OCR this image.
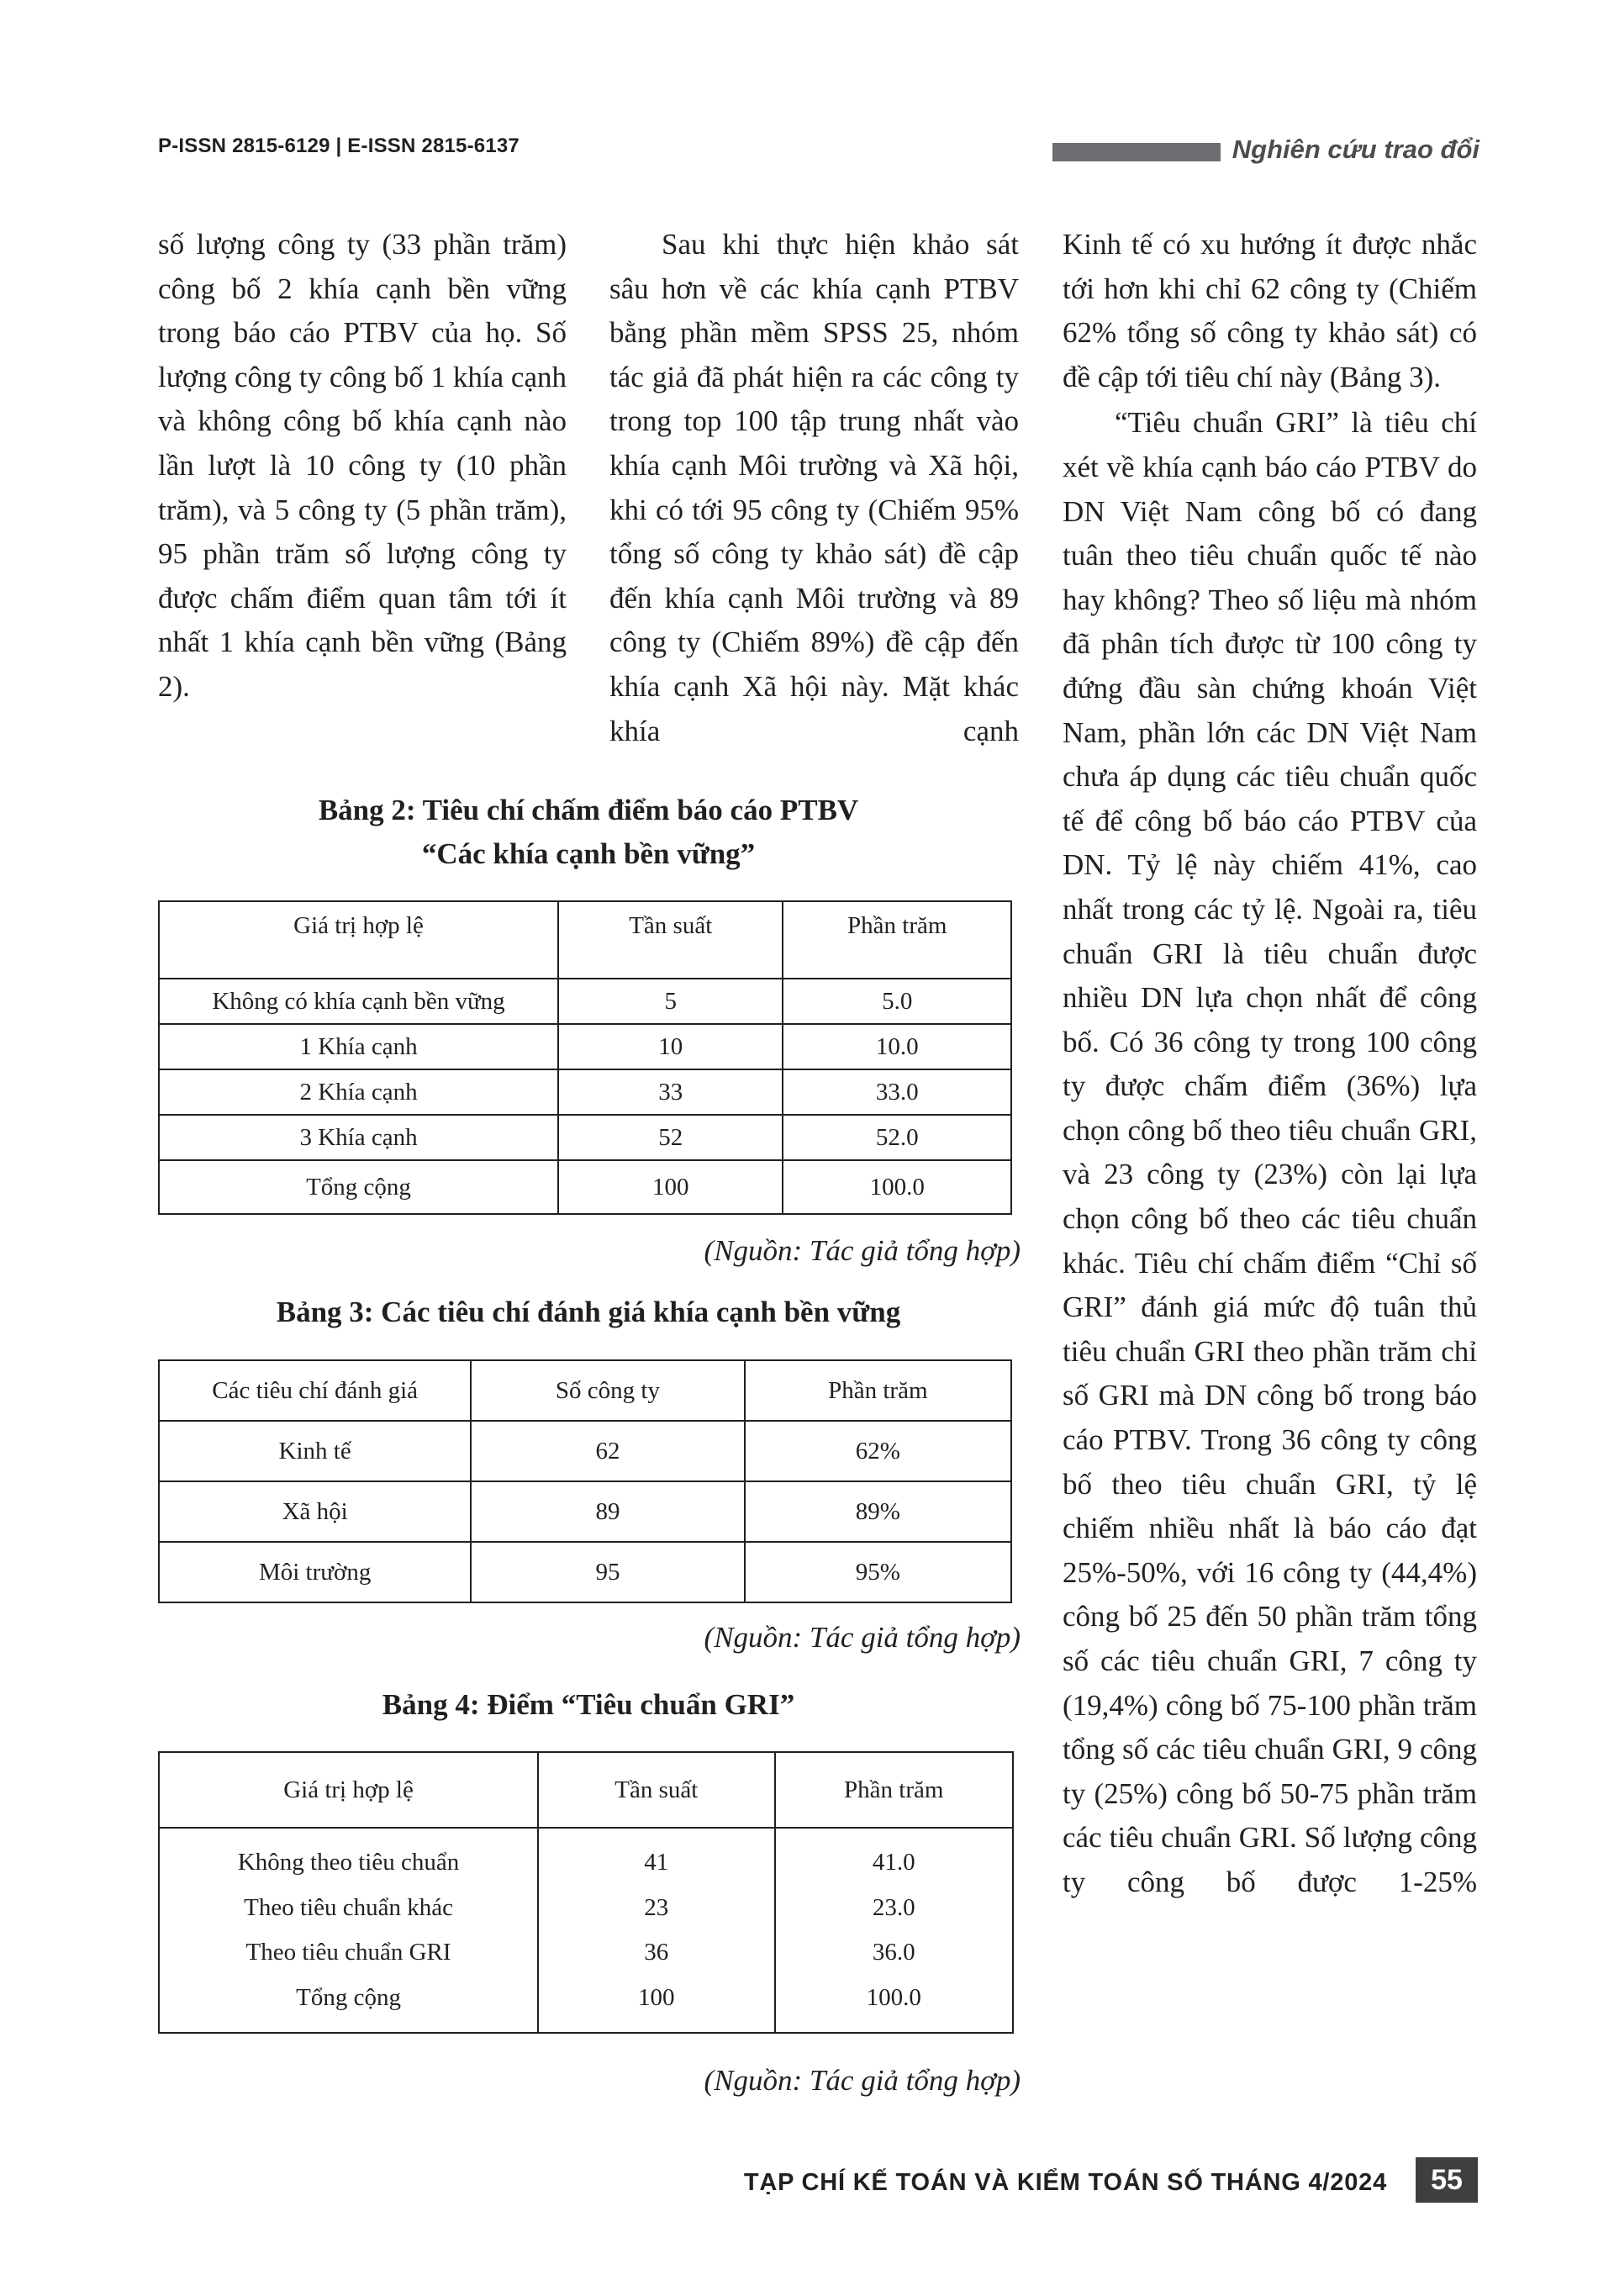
P-ISSN 2815-6129 | E-ISSN 2815-6137	Nghiên cứu trao đổi

số lượng công ty (33 phần trăm) công bố 2 khía cạnh bền vững trong báo cáo PTBV của họ. Số lượng công ty công bố 1 khía cạnh và không công bố khía cạnh nào lần lượt là 10 công ty (10 phần trăm), và 5 công ty (5 phần trăm), 95 phần trăm số lượng công ty được chấm điểm quan tâm tới ít nhất 1 khía cạnh bền vững (Bảng 2).

Sau khi thực hiện khảo sát sâu hơn về các khía cạnh PTBV bằng phần mềm SPSS 25, nhóm tác giả đã phát hiện ra các công ty trong top 100 tập trung nhất vào khía cạnh Môi trường và Xã hội, khi có tới 95 công ty (Chiếm 95% tổng số công ty khảo sát) đề cập đến khía cạnh Môi trường và 89 công ty (Chiếm 89%) đề cập đến khía cạnh Xã hội này. Mặt khác khía cạnh

Kinh tế có xu hướng ít được nhắc tới hơn khi chỉ 62 công ty (Chiếm 62% tổng số công ty khảo sát) có đề cập tới tiêu chí này (Bảng 3).

“Tiêu chuẩn GRI” là tiêu chí xét về khía cạnh báo cáo PTBV do DN Việt Nam công bố có đang tuân theo tiêu chuẩn quốc tế nào hay không? Theo số liệu mà nhóm đã phân tích được từ 100 công ty đứng đầu sàn chứng khoán Việt Nam, phần lớn các DN Việt Nam chưa áp dụng các tiêu chuẩn quốc tế để công bố báo cáo PTBV của DN. Tỷ lệ này chiếm 41%, cao nhất trong các tỷ lệ. Ngoài ra, tiêu chuẩn GRI là tiêu chuẩn được nhiều DN lựa chọn nhất để công bố. Có 36 công ty trong 100 công ty được chấm điểm (36%) lựa chọn công bố theo tiêu chuẩn GRI, và 23 công ty (23%) còn lại lựa chọn công bố theo các tiêu chuẩn khác. Tiêu chí chấm điểm “Chỉ số GRI” đánh giá mức độ tuân thủ tiêu chuẩn GRI theo phần trăm chỉ số GRI mà DN công bố trong báo cáo PTBV. Trong 36 công ty công bố theo tiêu chuẩn GRI, tỷ lệ chiếm nhiều nhất là báo cáo đạt 25%-50%, với 16 công ty (44,4%) công bố 25 đến 50 phần trăm tổng số các tiêu chuẩn GRI, 7 công ty (19,4%) công bố 75-100 phần trăm tổng số các tiêu chuẩn GRI, 9 công ty (25%) công bố 50-75 phần trăm các tiêu chuẩn GRI. Số lượng công ty công bố được 1-25%

Bảng 2: Tiêu chí chấm điểm báo cáo PTBV
“Các khía cạnh bền vững”
Giá trị hợp lệ	Tần suất	Phần trăm
Không có khía cạnh bền vững	5	5.0
1 Khía cạnh	10	10.0
2 Khía cạnh	33	33.0
3 Khía cạnh	52	52.0
Tổng cộng	100	100.0
(Nguồn: Tác giả tổng hợp)
Bảng 3: Các tiêu chí đánh giá khía cạnh bền vững
Các tiêu chí đánh giá	Số công ty	Phần trăm
Kinh tế	62	62%
Xã hội	89	89%
Môi trường	95	95%
(Nguồn: Tác giả tổng hợp)
Bảng 4: Điểm “Tiêu chuẩn GRI”
Giá trị hợp lệ	Tần suất	Phần trăm
Không theo tiêu chuẩn	41	41.0
Theo tiêu chuẩn khác	23	23.0
Theo tiêu chuẩn GRI	36	36.0
Tổng cộng	100	100.0
(Nguồn: Tác giả tổng hợp)
TẠP CHÍ KẾ TOÁN VÀ KIỂM TOÁN SỐ THÁNG 4/2024	55
